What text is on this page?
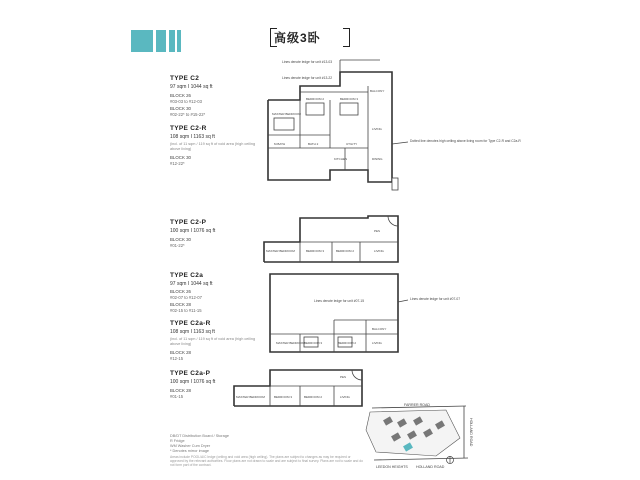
高级3卧
TYPE C2
97 sqm I 1044 sq ft
BLOCK 26
#03-03 to #12-03
BLOCK 30
#02-22* to #15-22*
TYPE C2-R
108 sqm I 1163 sq ft
(incl. of 11 sqm / 119 sq ft of void area (high ceiling above living)
BLOCK 30
#12-22*
TYPE C2-P
100 sqm I 1076 sq ft
BLOCK 30
#01-22*
TYPE C2a
97 sqm I 1044 sq ft
BLOCK 26
#02-07 to #12-07
BLOCK 28
#02-15 to #11-15
TYPE C2a-R
108 sqm I 1163 sq ft
(incl. of 11 sqm / 119 sq ft of void area (high ceiling above living)
BLOCK 28
#12-15
TYPE C2a-P
100 sqm I 1076 sq ft
BLOCK 28
#01-15
DB/DT Distribution Board / Storage
R Fridge
WM Washer Cum Dryer
* Denotes mirror image
Areas include POOL/A/C ledge (ceiling and void area (high ceiling). The plans are subject to changes as may be required or approved by the relevant authorities. Floor plans are not drawn to scale and are subject to final survey. Plans are not to scale and do not form part of the contract.
BEDROOM 2	BEDROOM 3
MASTER BEDROOM
BALCONY
LIVING
DINING
KITCHEN
UTILITY
BATH 2
M.BATH
Lines denote ledge for unit #13-03
Lines denote ledge for unit #13-22
Dotted line denotes high ceiling above living room for Type C2-R and C2a-R
MASTER BEDROOM	BEDROOM 3	BEDROOM 2	LIVING
PES
MASTER BEDROOM BEDROOM 3	BEDROOM 2	LIVING
BALCONY
Lines denote ledge for unit #07-15	Lines denote ledge for unit #07-07
MASTER BEDROOM	BEDROOM 3	BEDROOM 2	LIVING
PES
FARRER ROAD
LEEDON HEIGHTS HOLLAND ROAD
HOLLAND ROAD
